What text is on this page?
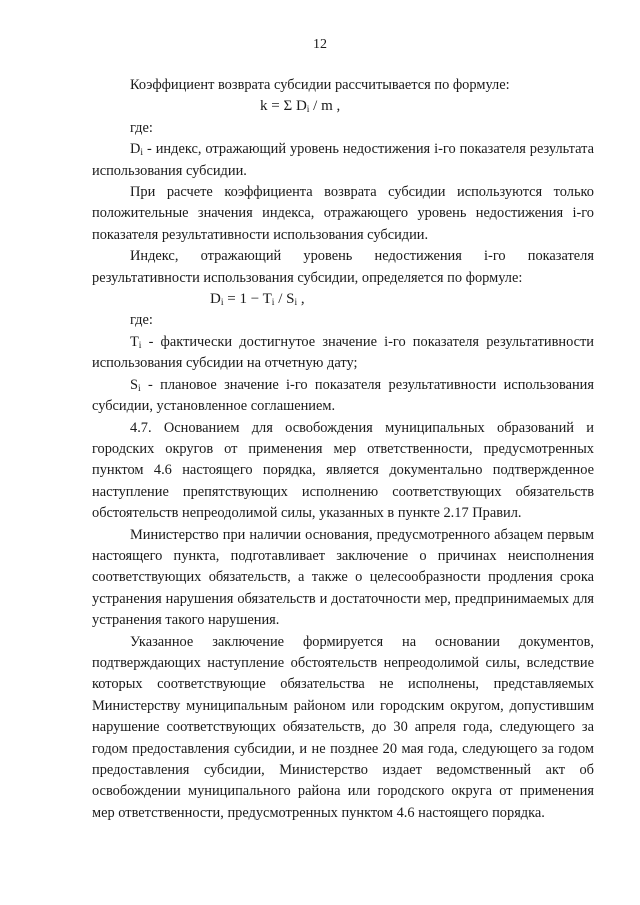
12

Коэффициент возврата субсидии рассчитывается по формуле:

k = Σ $D_i$ / m ,

где:

$D_i$ - индекс, отражающий уровень недостижения i-го показателя результата использования субсидии.

При расчете коэффициента возврата субсидии используются только положительные значения индекса, отражающего уровень недостижения i-го показателя результативности использования субсидии.

Индекс, отражающий уровень недостижения i-го показателя результативности использования субсидии, определяется по формуле:

$D_i = 1 - T_i / S_i$ ,

где:

$T_i$ - фактически достигнутое значение i-го показателя результативности использования субсидии на отчетную дату;

$S_i$ - плановое значение i-го показателя результативности использования субсидии, установленное соглашением.

4.7. Основанием для освобождения муниципальных образований и городских округов от применения мер ответственности, предусмотренных пунктом 4.6 настоящего порядка, является документально подтвержденное наступление препятствующих исполнению соответствующих обязательств обстоятельств непреодолимой силы, указанных в пункте 2.17 Правил.

Министерство при наличии основания, предусмотренного абзацем первым настоящего пункта, подготавливает заключение о причинах неисполнения соответствующих обязательств, а также о целесообразности продления срока устранения нарушения обязательств и достаточности мер, предпринимаемых для устранения такого нарушения.

Указанное заключение формируется на основании документов, подтверждающих наступление обстоятельств непреодолимой силы, вследствие которых соответствующие обязательства не исполнены, представляемых Министерству муниципальным районом или городским округом, допустившим нарушение соответствующих обязательств, до 30 апреля года, следующего за годом предоставления субсидии, и не позднее 20 мая года, следующего за годом предоставления субсидии, Министерство издает ведомственный акт об освобождении муниципального района или городского округа от применения мер ответственности, предусмотренных пунктом 4.6 настоящего порядка.
